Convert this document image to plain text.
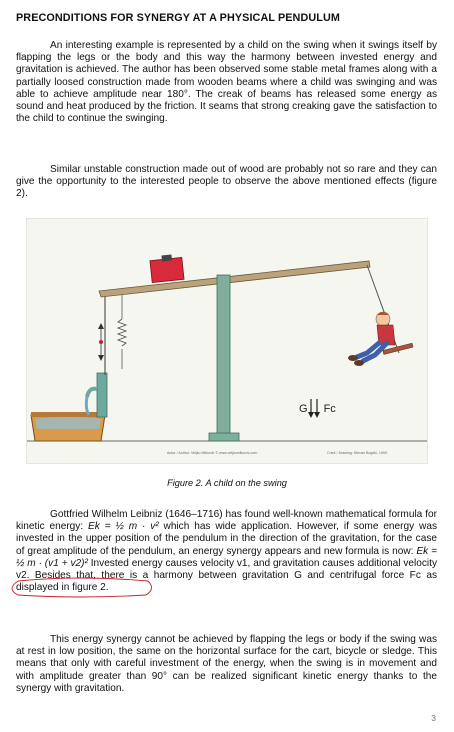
PRECONDITIONS FOR SYNERGY AT A PHYSICAL PENDULUM
An interesting example is represented by a child on the swing when it swings itself by flapping the legs or the body and this way the harmony between invested energy and gravitation is achieved. The author has been observed some stable metal frames along with a partially loosed construction made from wooden beams where a child was swinging and was able to achieve amplitude near 180°. The creak of beams has released some energy as sound and heat produced by the friction. It seams that strong creaking gave the satisfaction to the child to continue the swinging.
Similar unstable construction made out of wood are probably not so rare and they can give the opportunity to the interested people to observe the above mentioned effects (figure 2).
G Fc
Autor / Author: Veljko Milković © www.veljkomilkovic.com	Crtež / Drawing: Stevan Bogdić, 1999.
Figure 2. A child on the swing
Gottfried Wilhelm Leibniz (1646–1716) has found well-known mathematical formula for kinetic energy: Ek = ½ m · v² which has wide application. However, if some energy was invested in the upper position of the pendulum in the direction of the gravitation, for the case of great amplitude of the pendulum, an energy synergy appears and new formula is now: Ek = ½ m · (v1 + v2)² Invested energy causes velocity v1, and gravitation causes additional velocity v2. Besides that, there is a harmony between gravitation G and centrifugal force Fc as displayed in figure 2.
This energy synergy cannot be achieved by flapping the legs or body if the swing was at rest in low position, the same on the horizontal surface for the cart, bicycle or sledge. This means that only with careful investment of the energy, when the swing is in movement and with amplitude greater than 90° can be realized significant kinetic energy thanks to the synergy with gravitation.
3
